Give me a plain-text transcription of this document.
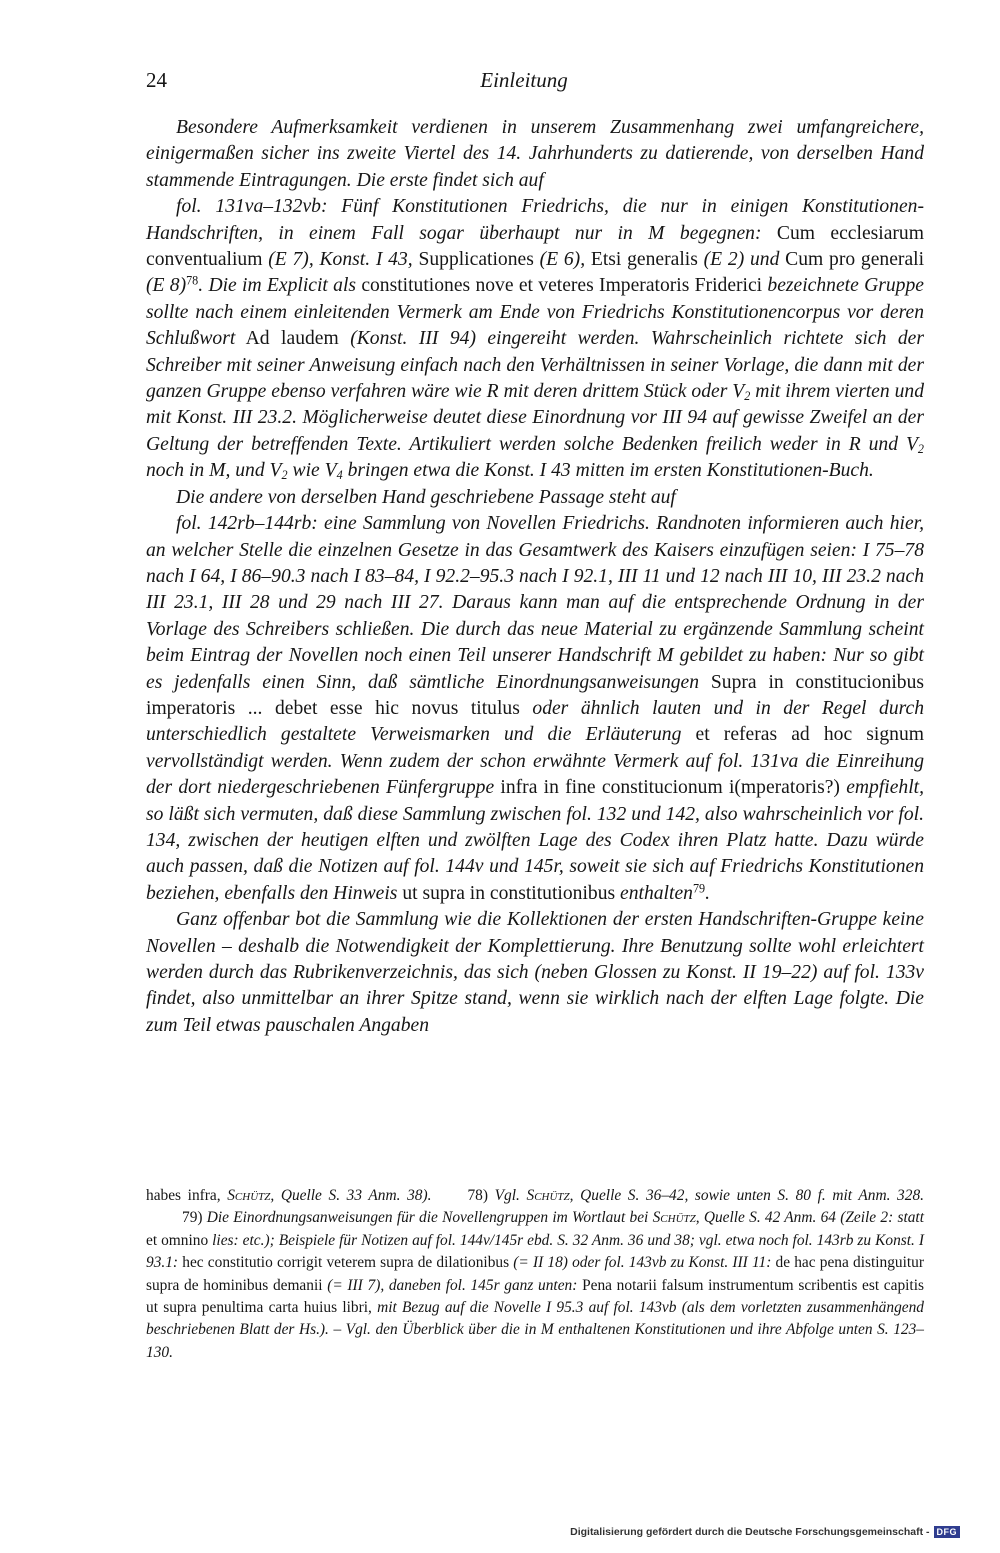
24	Einleitung

Besondere Aufmerksamkeit verdienen in unserem Zusammenhang zwei umfangreichere, einigermaßen sicher ins zweite Viertel des 14. Jahrhunderts zu datierende, von derselben Hand stammende Eintragungen. Die erste findet sich auf

fol. 131va–132vb: Fünf Konstitutionen Friedrichs, die nur in einigen Konstitutionen-Handschriften, in einem Fall sogar überhaupt nur in M begegnen: Cum ecclesiarum conventualium (E 7), Konst. I 43, Supplicationes (E 6), Etsi generalis (E 2) und Cum pro generali (E 8)$^{78}$. Die im Explicit als constitutiones nove et veteres Imperatoris Friderici bezeichnete Gruppe sollte nach einem einleitenden Vermerk am Ende von Friedrichs Konstitutionencorpus vor deren Schlußwort Ad laudem (Konst. III 94) eingereiht werden. Wahrscheinlich richtete sich der Schreiber mit seiner Anweisung einfach nach den Verhältnissen in seiner Vorlage, die dann mit der ganzen Gruppe ebenso verfahren wäre wie R mit deren drittem Stück oder $V_2$ mit ihrem vierten und mit Konst. III 23.2. Möglicherweise deutet diese Einordnung vor III 94 auf gewisse Zweifel an der Geltung der betreffenden Texte. Artikuliert werden solche Bedenken freilich weder in R und $V_2$ noch in M, und $V_2$ wie $V_4$ bringen etwa die Konst. I 43 mitten im ersten Konstitutionen-Buch.

Die andere von derselben Hand geschriebene Passage steht auf

fol. 142rb–144rb: eine Sammlung von Novellen Friedrichs. Randnoten informieren auch hier, an welcher Stelle die einzelnen Gesetze in das Gesamtwerk des Kaisers einzufügen seien: I 75–78 nach I 64, I 86–90.3 nach I 83–84, I 92.2–95.3 nach I 92.1, III 11 und 12 nach III 10, III 23.2 nach III 23.1, III 28 und 29 nach III 27. Daraus kann man auf die entsprechende Ordnung in der Vorlage des Schreibers schließen. Die durch das neue Material zu ergänzende Sammlung scheint beim Eintrag der Novellen noch einen Teil unserer Handschrift M gebildet zu haben: Nur so gibt es jedenfalls einen Sinn, daß sämtliche Einordnungsanweisungen Supra in constitucionibus imperatoris ... debet esse hic novus titulus oder ähnlich lauten und in der Regel durch unterschiedlich gestaltete Verweismarken und die Erläuterung et referas ad hoc signum vervollständigt werden. Wenn zudem der schon erwähnte Vermerk auf fol. 131va die Einreihung der dort niedergeschriebenen Fünfergruppe infra in fine constitucionum i(mperatoris?) empfiehlt, so läßt sich vermuten, daß diese Sammlung zwischen fol. 132 und 142, also wahrscheinlich vor fol. 134, zwischen der heutigen elften und zwölften Lage des Codex ihren Platz hatte. Dazu würde auch passen, daß die Notizen auf fol. 144v und 145r, soweit sie sich auf Friedrichs Konstitutionen beziehen, ebenfalls den Hinweis ut supra in constitutionibus enthalten$^{79}$.

Ganz offenbar bot die Sammlung wie die Kollektionen der ersten Handschriften-Gruppe keine Novellen – deshalb die Notwendigkeit der Komplettierung. Ihre Benutzung sollte wohl erleichtert werden durch das Rubrikenverzeichnis, das sich (neben Glossen zu Konst. II 19–22) auf fol. 133v findet, also unmittelbar an ihrer Spitze stand, wenn sie wirklich nach der elften Lage folgte. Die zum Teil etwas pauschalen Angaben

habes infra, Schütz, Quelle S. 33 Anm. 38). 78) Vgl. Schütz, Quelle S. 36–42, sowie unten S. 80 f. mit Anm. 328.79) Die Einordnungsanweisungen für die Novellengruppen im Wortlaut bei Schütz, Quelle S. 42 Anm. 64 (Zeile 2: statt et omnino lies: etc.); Beispiele für Notizen auf fol. 144v/145r ebd. S. 32 Anm. 36 und 38; vgl. etwa noch fol. 143rb zu Konst. I 93.1: hec constitutio corrigit veterem supra de dilationibus (= II 18) oder fol. 143vb zu Konst. III 11: de hac pena distinguitur supra de hominibus demanii (= III 7), daneben fol. 145r ganz unten: Pena notarii falsum instrumentum scribentis est capitis ut supra penultima carta huius libri, mit Bezug auf die Novelle I 95.3 auf fol. 143vb (als dem vorletzten zusammenhängend beschriebenen Blatt der Hs.). – Vgl. den Überblick über die in M enthaltenen Konstitutionen und ihre Abfolge unten S. 123–130.

Digitalisierung gefördert durch die Deutsche Forschungsgemeinschaft - DFG
